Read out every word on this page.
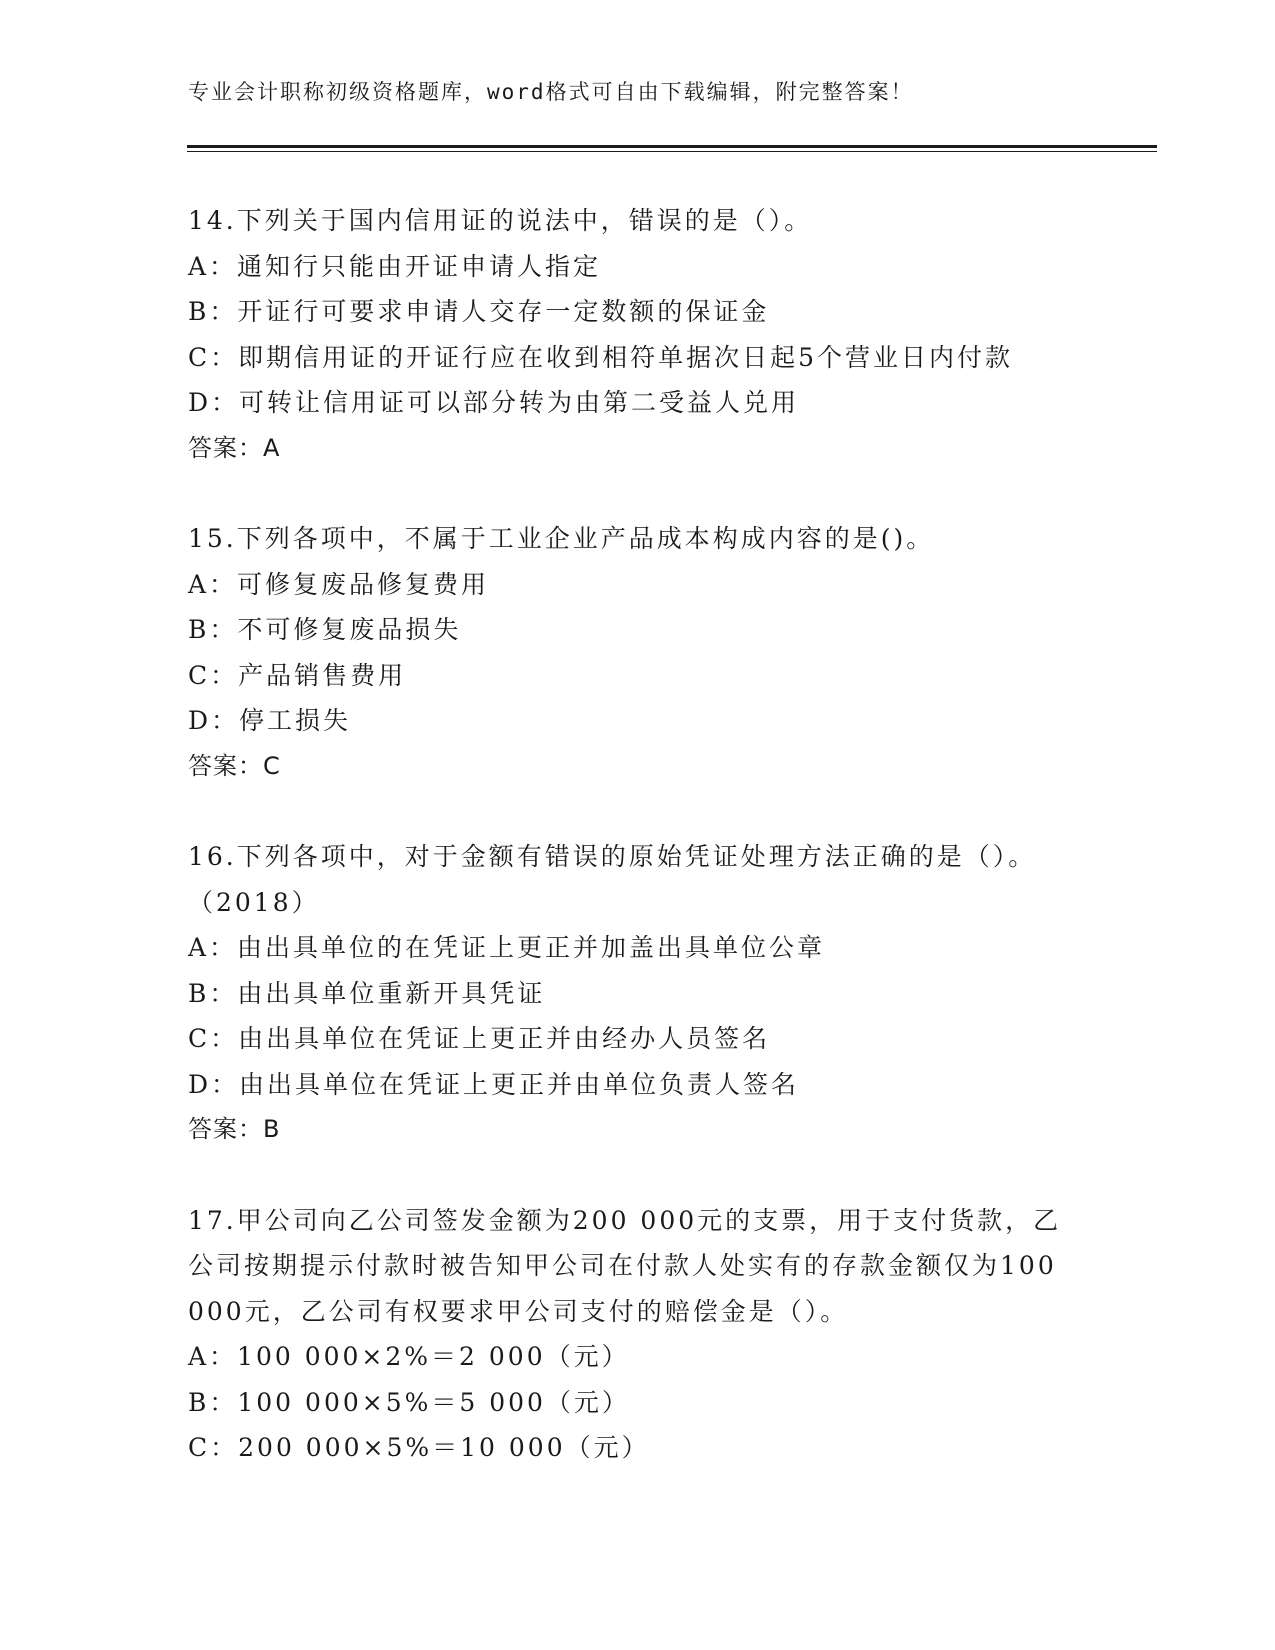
专业会计职称初级资格题库，word格式可自由下载编辑，附完整答案！
14.下列关于国内信用证的说法中，错误的是（）。
A：通知行只能由开证申请人指定
B：开证行可要求申请人交存一定数额的保证金
C：即期信用证的开证行应在收到相符单据次日起5个营业日内付款
D：可转让信用证可以部分转为由第二受益人兑用
答案：A
15.下列各项中，不属于工业企业产品成本构成内容的是()。
A：可修复废品修复费用
B：不可修复废品损失
C：产品销售费用
D：停工损失
答案：C
16.下列各项中，对于金额有错误的原始凭证处理方法正确的是（）。
（2018）
A：由出具单位的在凭证上更正并加盖出具单位公章
B：由出具单位重新开具凭证
C：由出具单位在凭证上更正并由经办人员签名
D：由出具单位在凭证上更正并由单位负责人签名
答案：B
17.甲公司向乙公司签发金额为200 000元的支票，用于支付货款，乙
公司按期提示付款时被告知甲公司在付款人处实有的存款金额仅为100
000元，乙公司有权要求甲公司支付的赔偿金是（）。
A：100 000×2%＝2 000（元）
B：100 000×5%＝5 000（元）
C：200 000×5%＝10 000（元）
